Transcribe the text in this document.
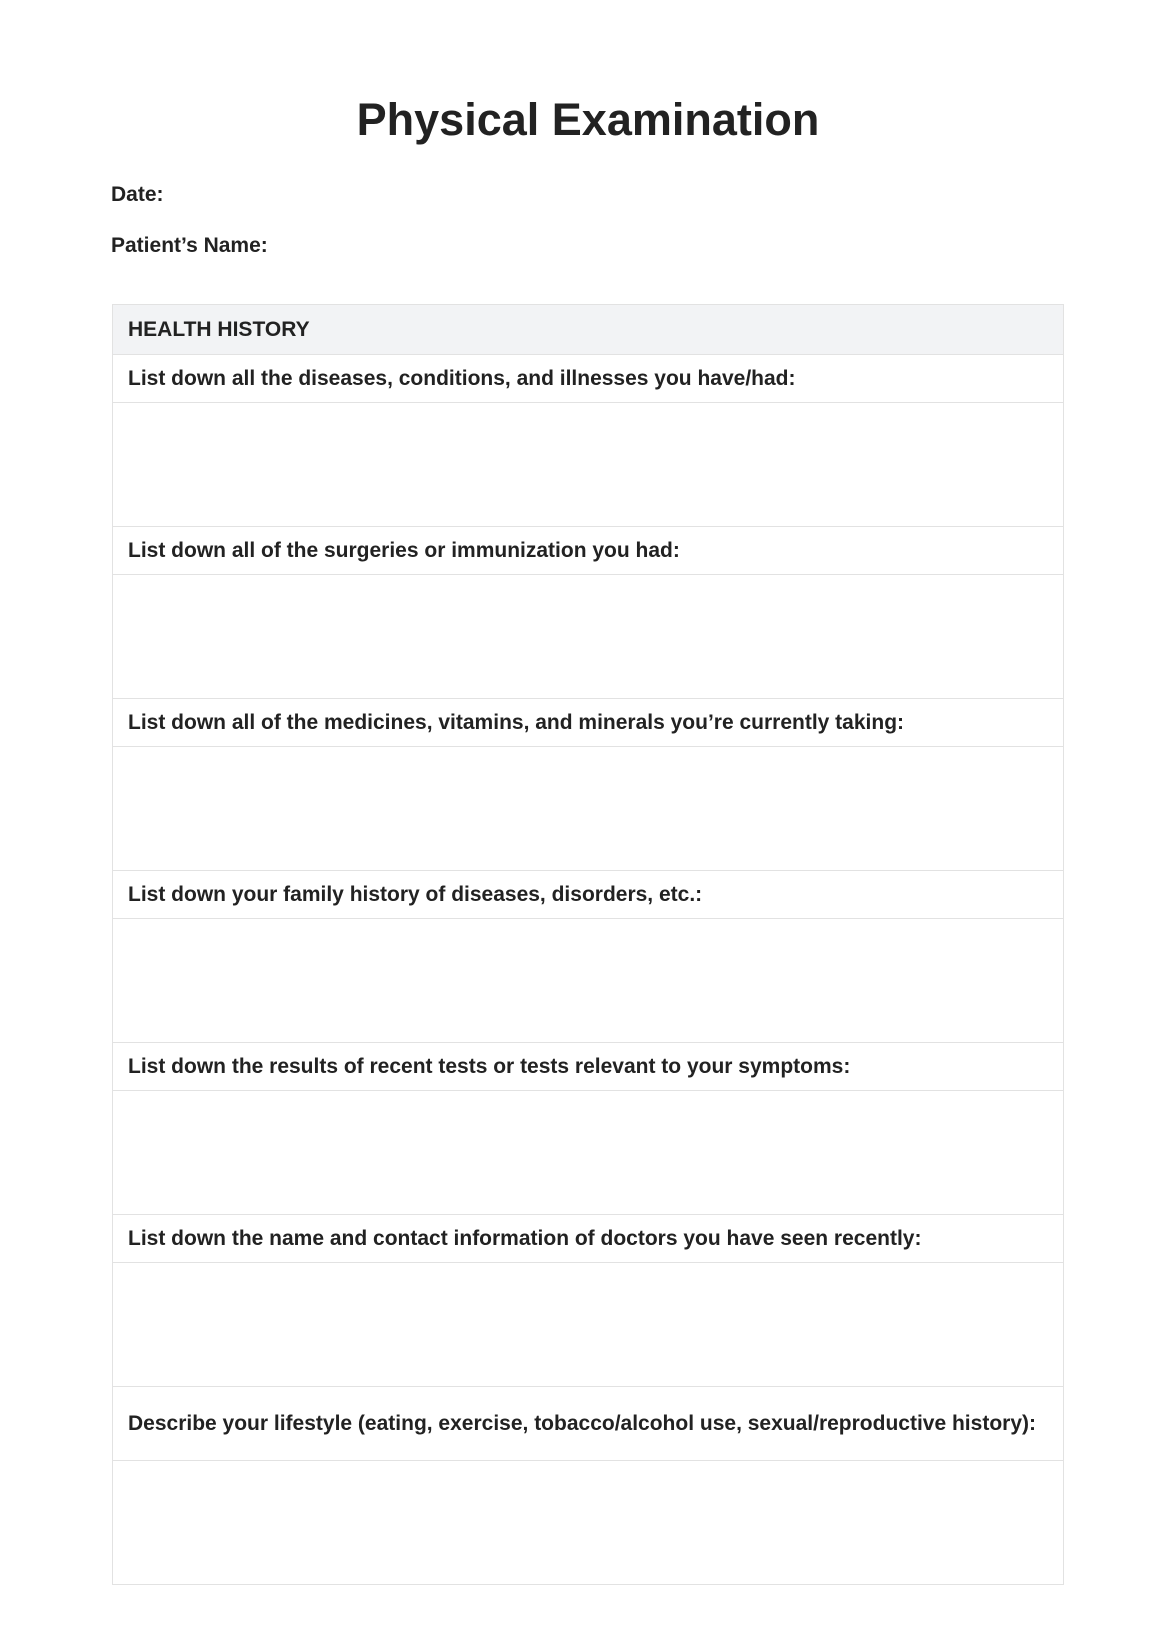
Physical Examination
Date:
Patient’s Name:
HEALTH HISTORY
List down all the diseases, conditions, and illnesses you have/had:

List down all of the surgeries or immunization you had:

List down all of the medicines, vitamins, and minerals you’re currently taking:

List down your family history of diseases, disorders, etc.:

List down the results of recent tests or tests relevant to your symptoms:

List down the name and contact information of doctors you have seen recently:

Describe your lifestyle (eating, exercise, tobacco/alcohol use, sexual/reproductive history):
